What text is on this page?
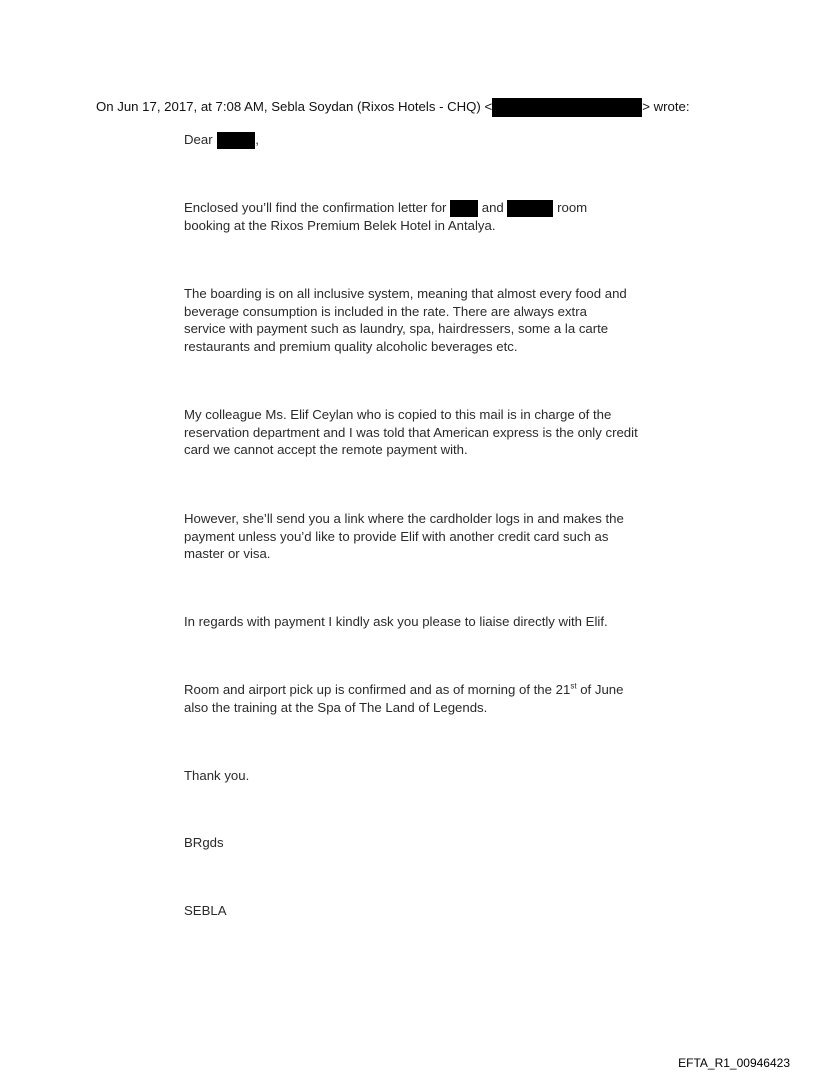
On Jun 17, 2017, at 7:08 AM, Sebla Soydan (Rixos Hotels - CHQ) <	> wrote:
Dear	,
Enclosed you’ll find the confirmation letter for	and	room
booking at the Rixos Premium Belek Hotel in Antalya.
The boarding is on all inclusive system, meaning that almost every food and beverage consumption is included in the rate. There are always extra service with payment such as laundry, spa, hairdressers, some a la carte restaurants and premium quality alcoholic beverages etc.
My colleague Ms. Elif Ceylan who is copied to this mail is in charge of the reservation department and I was told that American express is the only credit card we cannot accept the remote payment with.
However, she’ll send you a link where the cardholder logs in and makes the payment unless you’d like to provide Elif with another credit card such as master or visa.
In regards with payment I kindly ask you please to liaise directly with Elif.
Room and airport pick up is confirmed and as of morning of the 21st of June also the training at the Spa of The Land of Legends.
Thank you.
BRgds
SEBLA
EFTA_R1_00946423
